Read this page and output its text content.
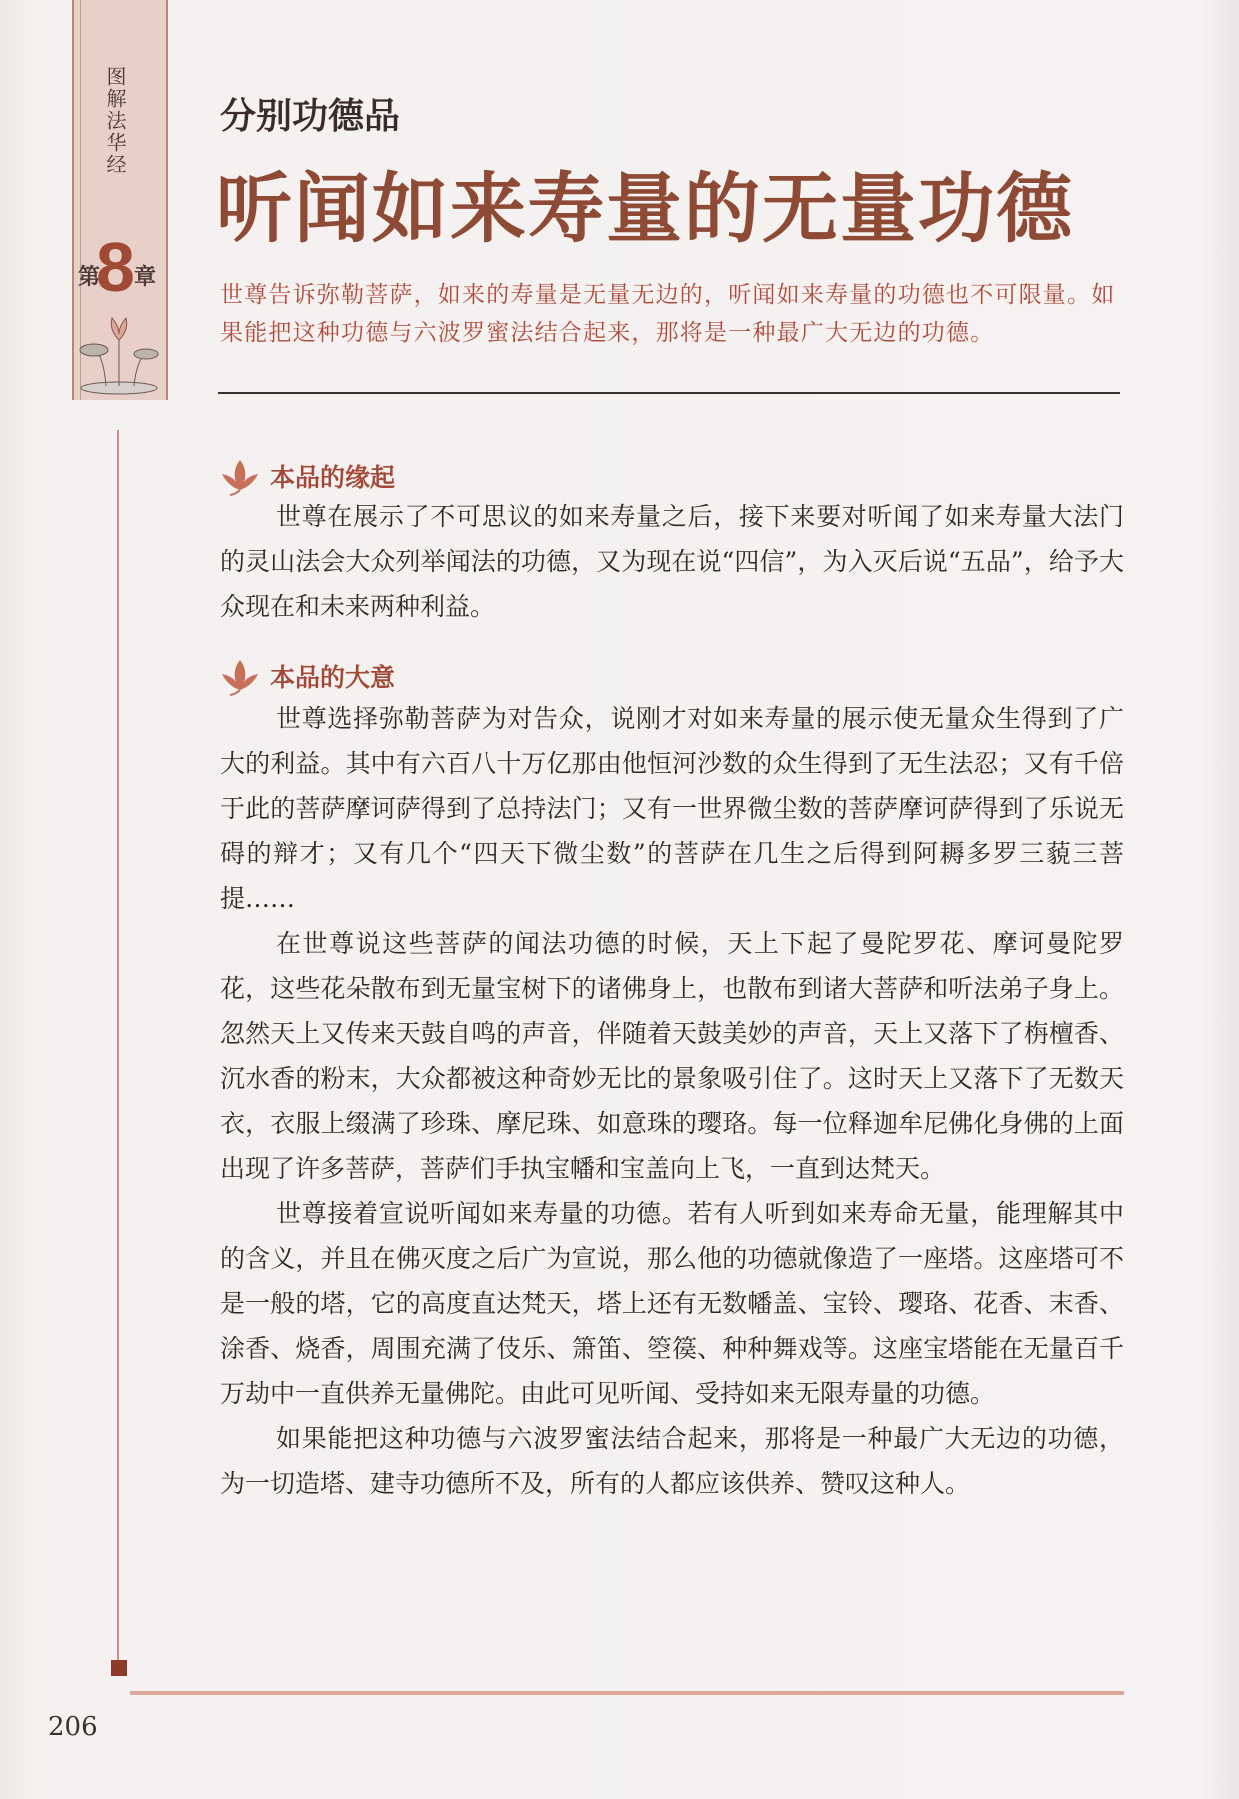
图解法华经
第
8 章
分别功德品
听闻如来寿量的无量功德
世尊告诉弥勒菩萨，如来的寿量是无量无边的，听闻如来寿量的功德也不可限量。如果能把这种功德与六波罗蜜法结合起来，那将是一种最广大无边的功德。
本品的缘起

世尊在展示了不可思议的如来寿量之后，接下来要对听闻了如来寿量大法门的灵山法会大众列举闻法的功德，又为现在说“四信”，为入灭后说“五品”，给予大众现在和未来两种利益。

本品的大意

世尊选择弥勒菩萨为对告众，说刚才对如来寿量的展示使无量众生得到了广大的利益。其中有六百八十万亿那由他恒河沙数的众生得到了无生法忍；又有千倍于此的菩萨摩诃萨得到了总持法门；又有一世界微尘数的菩萨摩诃萨得到了乐说无碍的辩才；又有几个“四天下微尘数”的菩萨在几生之后得到阿耨多罗三藐三菩提……

在世尊说这些菩萨的闻法功德的时候，天上下起了曼陀罗花、摩诃曼陀罗花，这些花朵散布到无量宝树下的诸佛身上，也散布到诸大菩萨和听法弟子身上。忽然天上又传来天鼓自鸣的声音，伴随着天鼓美妙的声音，天上又落下了栴檀香、沉水香的粉末，大众都被这种奇妙无比的景象吸引住了。这时天上又落下了无数天衣，衣服上缀满了珍珠、摩尼珠、如意珠的璎珞。每一位释迦牟尼佛化身佛的上面出现了许多菩萨，菩萨们手执宝幡和宝盖向上飞，一直到达梵天。

世尊接着宣说听闻如来寿量的功德。若有人听到如来寿命无量，能理解其中的含义，并且在佛灭度之后广为宣说，那么他的功德就像造了一座塔。这座塔可不是一般的塔，它的高度直达梵天，塔上还有无数幡盖、宝铃、璎珞、花香、末香、涂香、烧香，周围充满了伎乐、箫笛、箜篌、种种舞戏等。这座宝塔能在无量百千万劫中一直供养无量佛陀。由此可见听闻、受持如来无限寿量的功德。

如果能把这种功德与六波罗蜜法结合起来，那将是一种最广大无边的功德，为一切造塔、建寺功德所不及，所有的人都应该供养、赞叹这种人。

206
